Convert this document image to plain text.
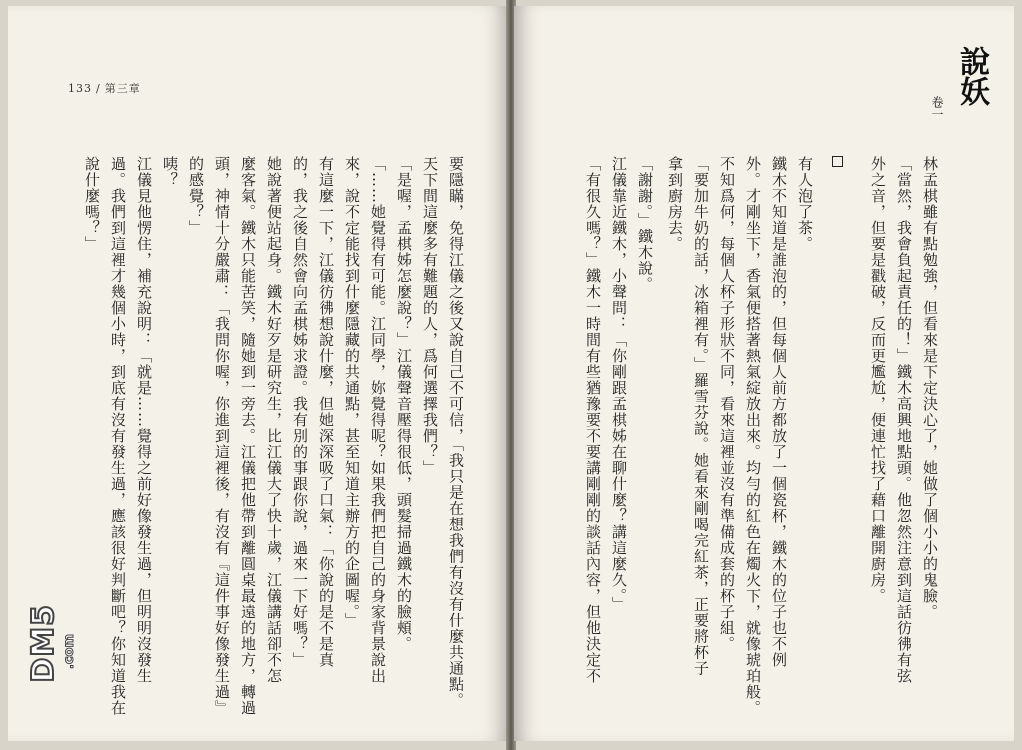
133 / 第三章
要隱瞞，免得江儀之後又說自己不可信，「我只是在想我們有沒有什麼共通點。
天下間這麼多有難題的人，爲何選擇我們？」
「是喔，孟棋姊怎麼說？」江儀聲音壓得很低，頭髮掃過鐵木的臉頰。
「……她覺得有可能。江同學，妳覺得呢？如果我們把自己的身家背景說出
來，說不定能找到什麼隱藏的共通點，甚至知道主辦方的企圖喔。」
有這麼一下，江儀彷彿想說什麼，但她深深吸了口氣：「你說的是不是真
的，我之後自然會向孟棋姊求證。我有別的事跟你說，過來一下好嗎？」
她說著便站起身。鐵木好歹是研究生，比江儀大了快十歲，江儀講話卻不怎
麼客氣。鐵木只能苦笑，隨她到一旁去。江儀把他帶到離圓桌最遠的地方，轉過
頭，神情十分嚴肅：「我問你喔，你進到這裡後，有沒有『這件事好像發生過』
的感覺？」
咦？
江儀見他愣住，補充說明：「就是……覺得之前好像發生過，但明明沒發生
過。我們到這裡才幾個小時，到底有沒有發生過，應該很好判斷吧？你知道我在
說什麼嗎？」
DM5 .com
說妖
卷一
林孟棋雖有點勉強，但看來是下定決心了，她做了個小小的鬼臉。
「當然，我會負起責任的！」鐵木高興地點頭。他忽然注意到這話彷彿有弦
外之音，但要是戳破，反而更尷尬，便連忙找了藉口離開廚房。
有人泡了茶。
鐵木不知道是誰泡的，但每個人前方都放了一個瓷杯，鐵木的位子也不例
外。才剛坐下，香氣便搭著熱氣綻放出來。均勻的紅色在燭火下，就像琥珀般。
不知爲何，每個人杯子形狀不同，看來這裡並沒有準備成套的杯子組。
「要加牛奶的話，冰箱裡有。」羅雪芬說。她看來剛喝完紅茶，正要將杯子
拿到廚房去。
「謝謝。」鐵木說。
江儀靠近鐵木，小聲問：「你剛跟孟棋姊在聊什麼？講這麼久。」
「有很久嗎？」鐵木一時間有些猶豫要不要講剛剛的談話內容，但他決定不
